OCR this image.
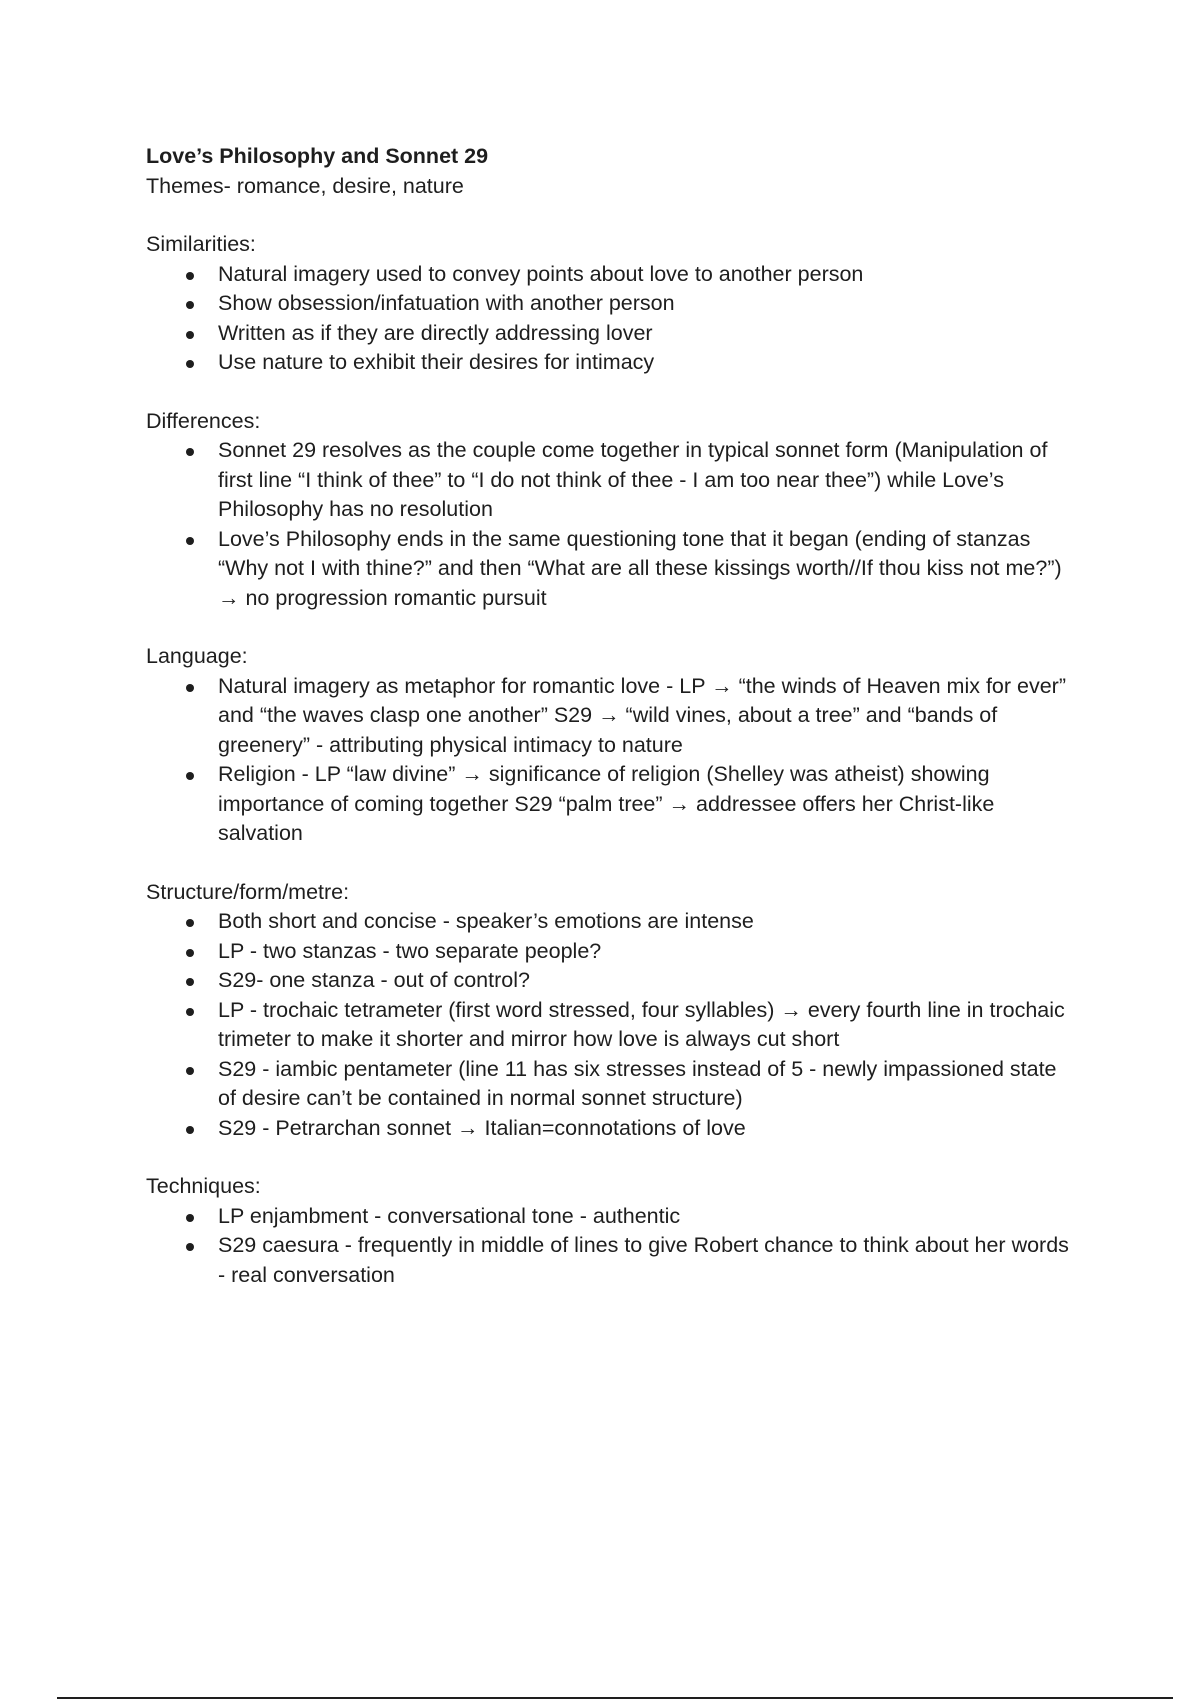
Love’s Philosophy and Sonnet 29

Themes- romance, desire, nature

Similarities:

Natural imagery used to convey points about love to another person
Show obsession/infatuation with another person
Written as if they are directly addressing lover
Use nature to exhibit their desires for intimacy

Differences:

Sonnet 29 resolves as the couple come together in typical sonnet form (Manipulation of first line “I think of thee” to “I do not think of thee - I am too near thee”) while Love’s Philosophy has no resolution
Love’s Philosophy ends in the same questioning tone that it began (ending of stanzas “Why not I with thine?” and then “What are all these kissings worth//If thou kiss not me?”) → no progression romantic pursuit

Language:

Natural imagery as metaphor for romantic love - LP → “the winds of Heaven mix for ever” and “the waves clasp one another” S29 → “wild vines, about a tree” and “bands of greenery” - attributing physical intimacy to nature
Religion - LP “law divine” → significance of religion (Shelley was atheist) showing importance of coming together S29 “palm tree” → addressee offers her Christ-like salvation

Structure/form/metre:

Both short and concise - speaker’s emotions are intense
LP - two stanzas - two separate people?
S29- one stanza - out of control?
LP - trochaic tetrameter (first word stressed, four syllables) → every fourth line in trochaic trimeter to make it shorter and mirror how love is always cut short
S29 - iambic pentameter (line 11 has six stresses instead of 5 - newly impassioned state of desire can’t be contained in normal sonnet structure)
S29 - Petrarchan sonnet → Italian=connotations of love

Techniques:

LP enjambment - conversational tone - authentic
S29 caesura - frequently in middle of lines to give Robert chance to think about her words - real conversation
